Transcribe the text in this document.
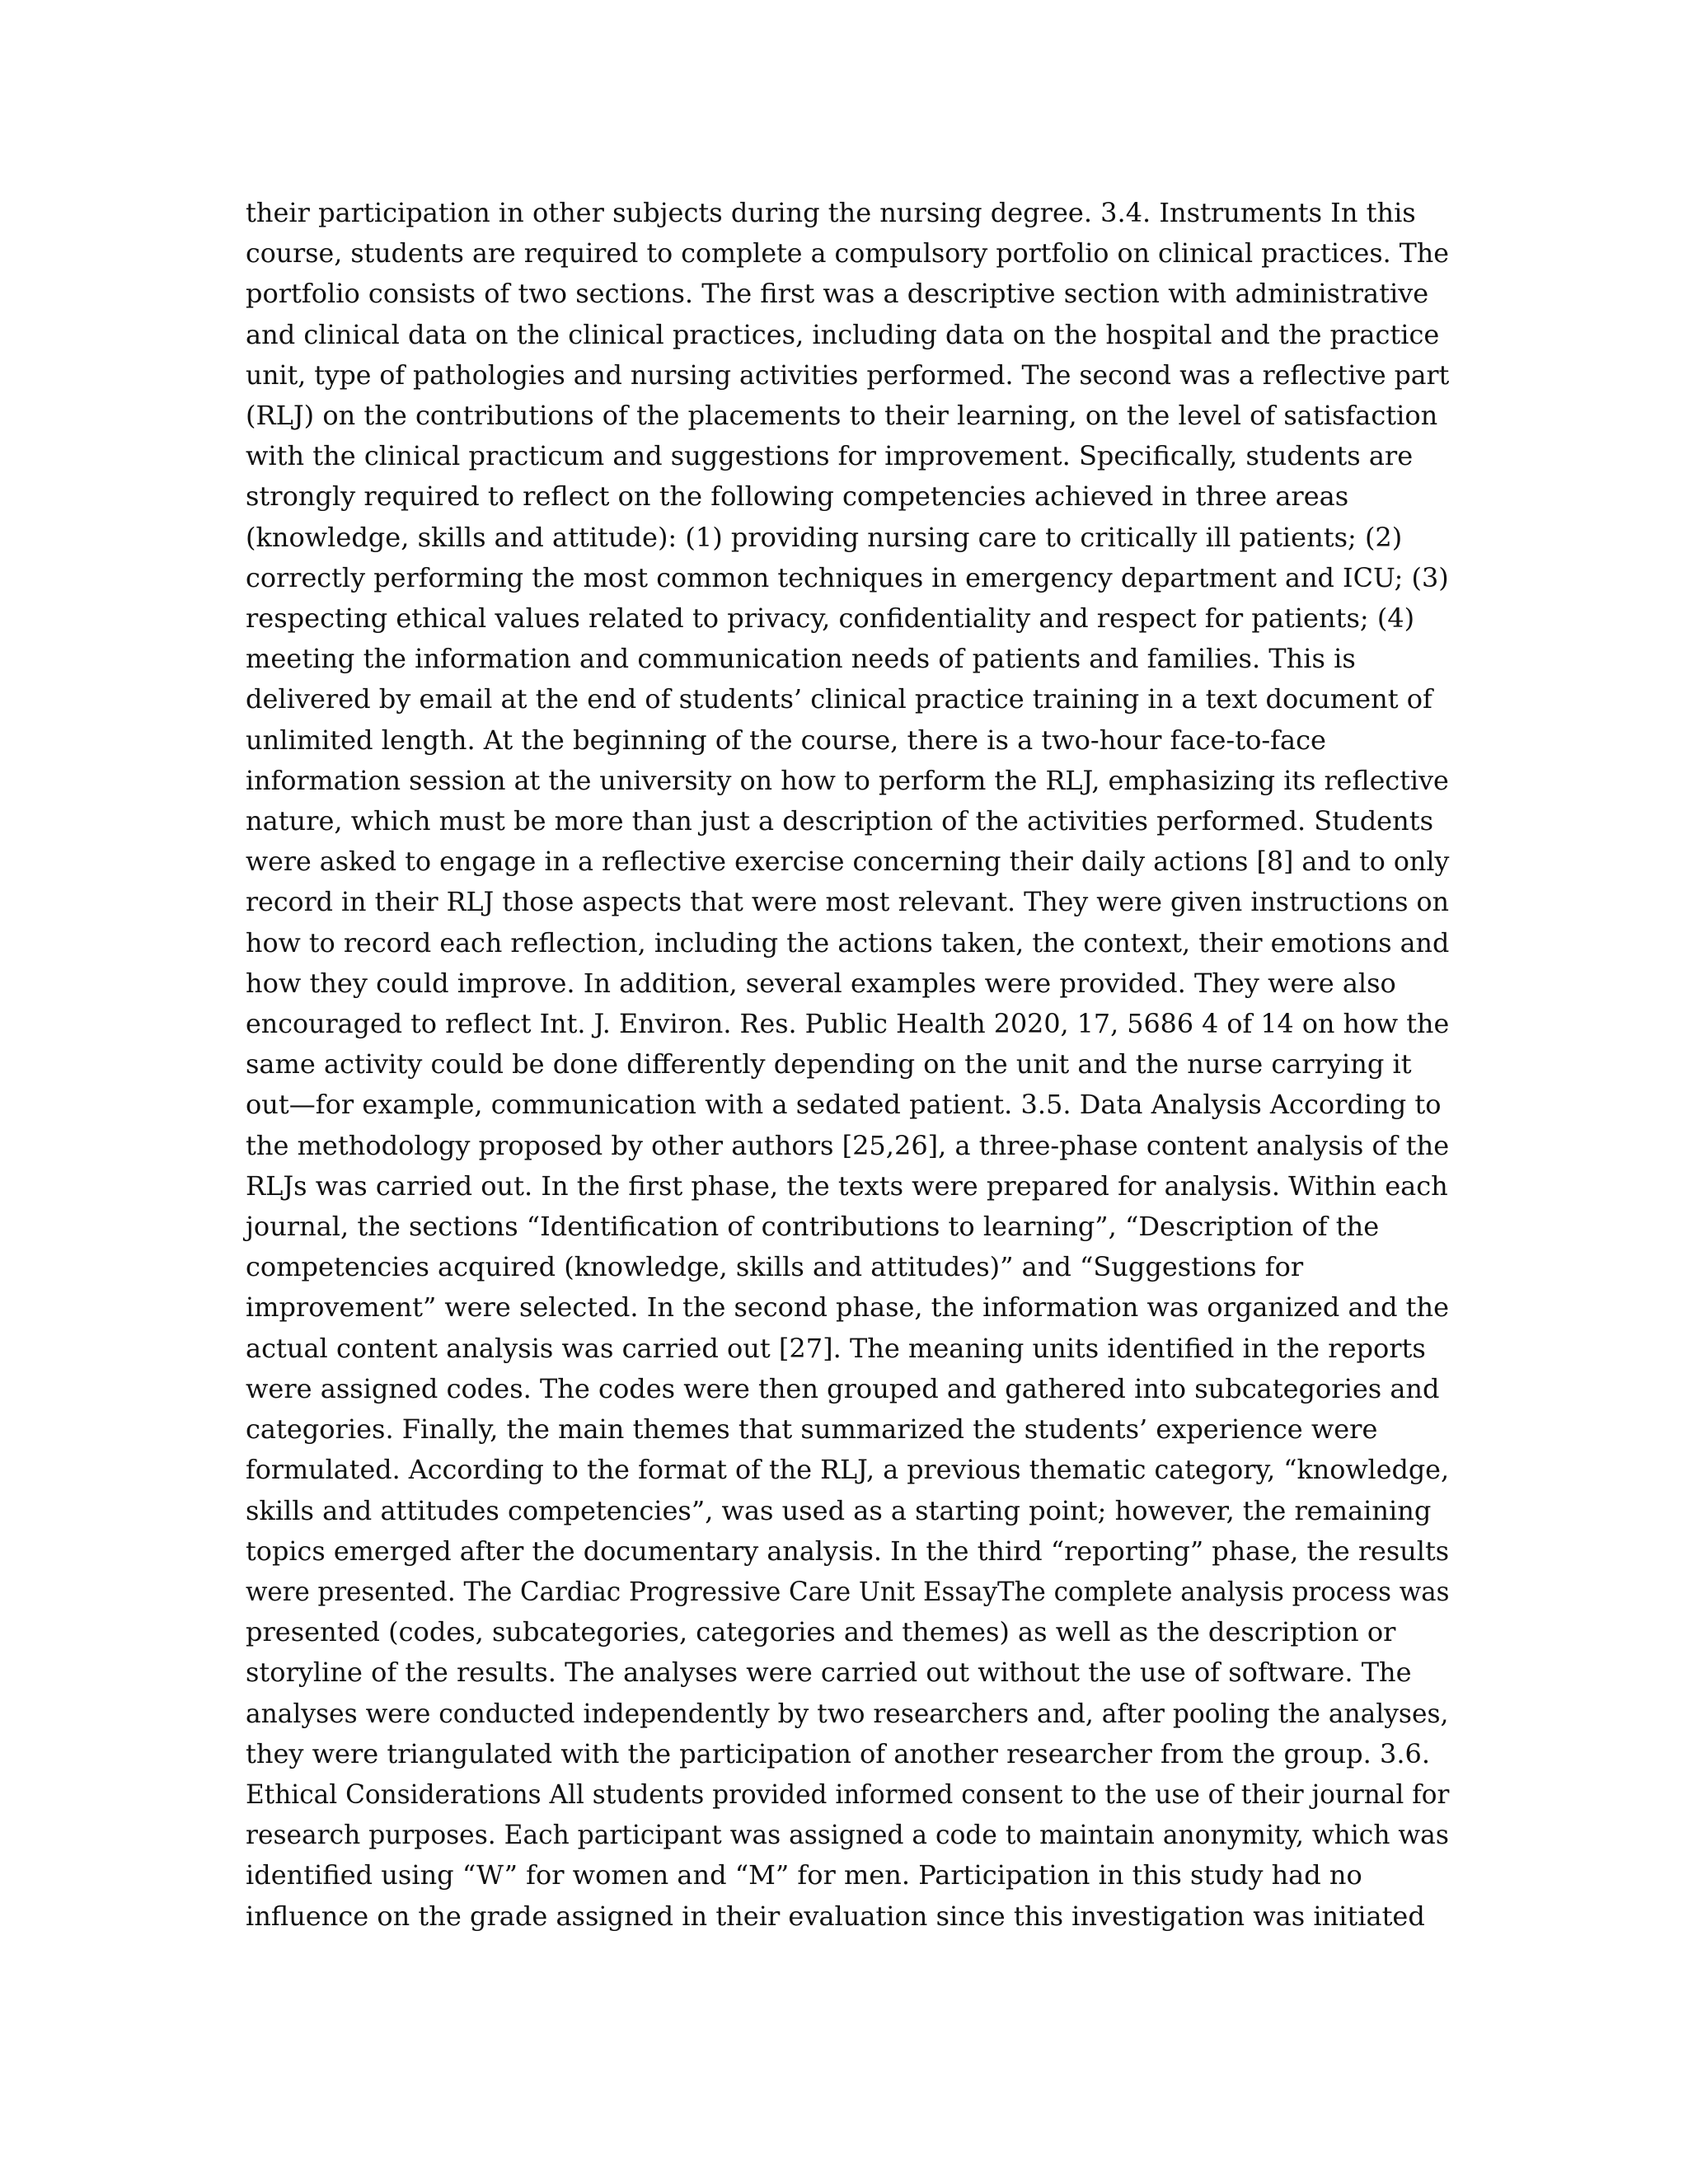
their participation in other subjects during the nursing degree. 3.4. Instruments In this
course, students are required to complete a compulsory portfolio on clinical practices. The
portfolio consists of two sections. The first was a descriptive section with administrative
and clinical data on the clinical practices, including data on the hospital and the practice
unit, type of pathologies and nursing activities performed. The second was a reflective part
(RLJ) on the contributions of the placements to their learning, on the level of satisfaction
with the clinical practicum and suggestions for improvement. Specifically, students are
strongly required to reflect on the following competencies achieved in three areas
(knowledge, skills and attitude): (1) providing nursing care to critically ill patients; (2)
correctly performing the most common techniques in emergency department and ICU; (3)
respecting ethical values related to privacy, confidentiality and respect for patients; (4)
meeting the information and communication needs of patients and families. This is
delivered by email at the end of students’ clinical practice training in a text document of
unlimited length. At the beginning of the course, there is a two-hour face-to-face
information session at the university on how to perform the RLJ, emphasizing its reflective
nature, which must be more than just a description of the activities performed. Students
were asked to engage in a reflective exercise concerning their daily actions [8] and to only
record in their RLJ those aspects that were most relevant. They were given instructions on
how to record each reflection, including the actions taken, the context, their emotions and
how they could improve. In addition, several examples were provided. They were also
encouraged to reflect Int. J. Environ. Res. Public Health 2020, 17, 5686 4 of 14 on how the
same activity could be done differently depending on the unit and the nurse carrying it
out—for example, communication with a sedated patient. 3.5. Data Analysis According to
the methodology proposed by other authors [25,26], a three-phase content analysis of the
RLJs was carried out. In the first phase, the texts were prepared for analysis. Within each
journal, the sections “Identification of contributions to learning”, “Description of the
competencies acquired (knowledge, skills and attitudes)” and “Suggestions for
improvement” were selected. In the second phase, the information was organized and the
actual content analysis was carried out [27]. The meaning units identified in the reports
were assigned codes. The codes were then grouped and gathered into subcategories and
categories. Finally, the main themes that summarized the students’ experience were
formulated. According to the format of the RLJ, a previous thematic category, “knowledge,
skills and attitudes competencies”, was used as a starting point; however, the remaining
topics emerged after the documentary analysis. In the third “reporting” phase, the results
were presented. The Cardiac Progressive Care Unit EssayThe complete analysis process was
presented (codes, subcategories, categories and themes) as well as the description or
storyline of the results. The analyses were carried out without the use of software. The
analyses were conducted independently by two researchers and, after pooling the analyses,
they were triangulated with the participation of another researcher from the group. 3.6.
Ethical Considerations All students provided informed consent to the use of their journal for
research purposes. Each participant was assigned a code to maintain anonymity, which was
identified using “W” for women and “M” for men. Participation in this study had no
influence on the grade assigned in their evaluation since this investigation was initiated
